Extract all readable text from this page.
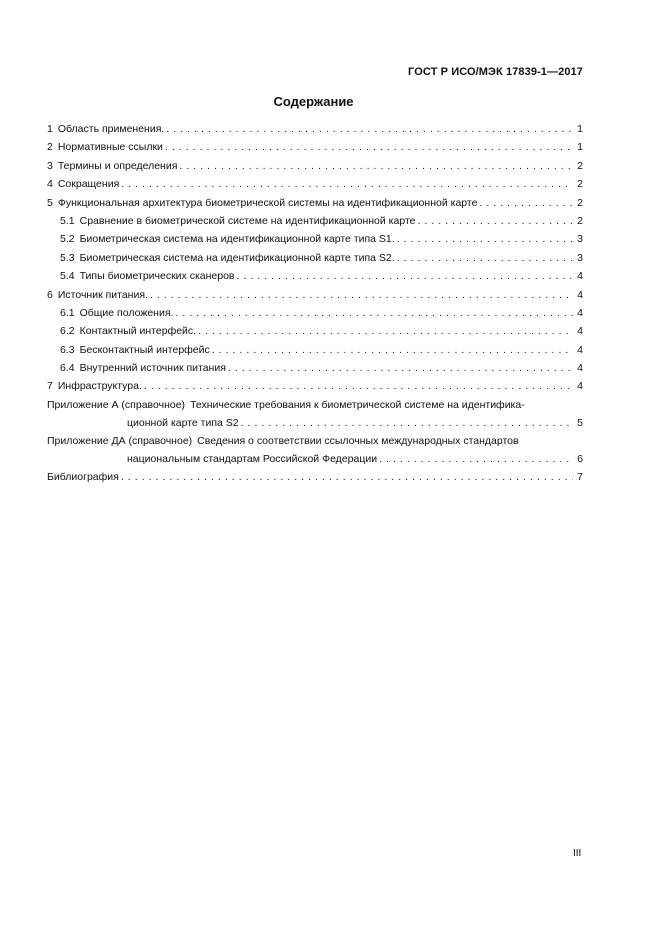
ГОСТ Р ИСО/МЭК 17839-1—2017
Содержание
1 Область применения. . . .	1
2 Нормативные ссылки . . .	1
3 Термины и определения . . .	2
4 Сокращения . . .	2
5 Функциональная архитектура биометрической системы на идентификационной карте . . .	2
5.1 Сравнение в биометрической системе на идентификационной карте . . .	2
5.2 Биометрическая система на идентификационной карте типа S1. . . .	3
5.3 Биометрическая система на идентификационной карте типа S2. . . .	3
5.4 Типы биометрических сканеров . . .	4
6 Источник питания. . . .	4
6.1 Общие положения. . . .	4
6.2 Контактный интерфейс. . . .	4
6.3 Бесконтактный интерфейс . . .	4
6.4 Внутренний источник питания . . .	4
7 Инфраструктура. . . .	4
Приложение А (справочное) Технические требования к биометрической системе на идентифика-
ционной карте типа S2 . . .	5
Приложение ДА (справочное) Сведения о соответствии ссылочных международных стандартов
национальным стандартам Российской Федерации . . .	6
Библиография . . .	7
III
